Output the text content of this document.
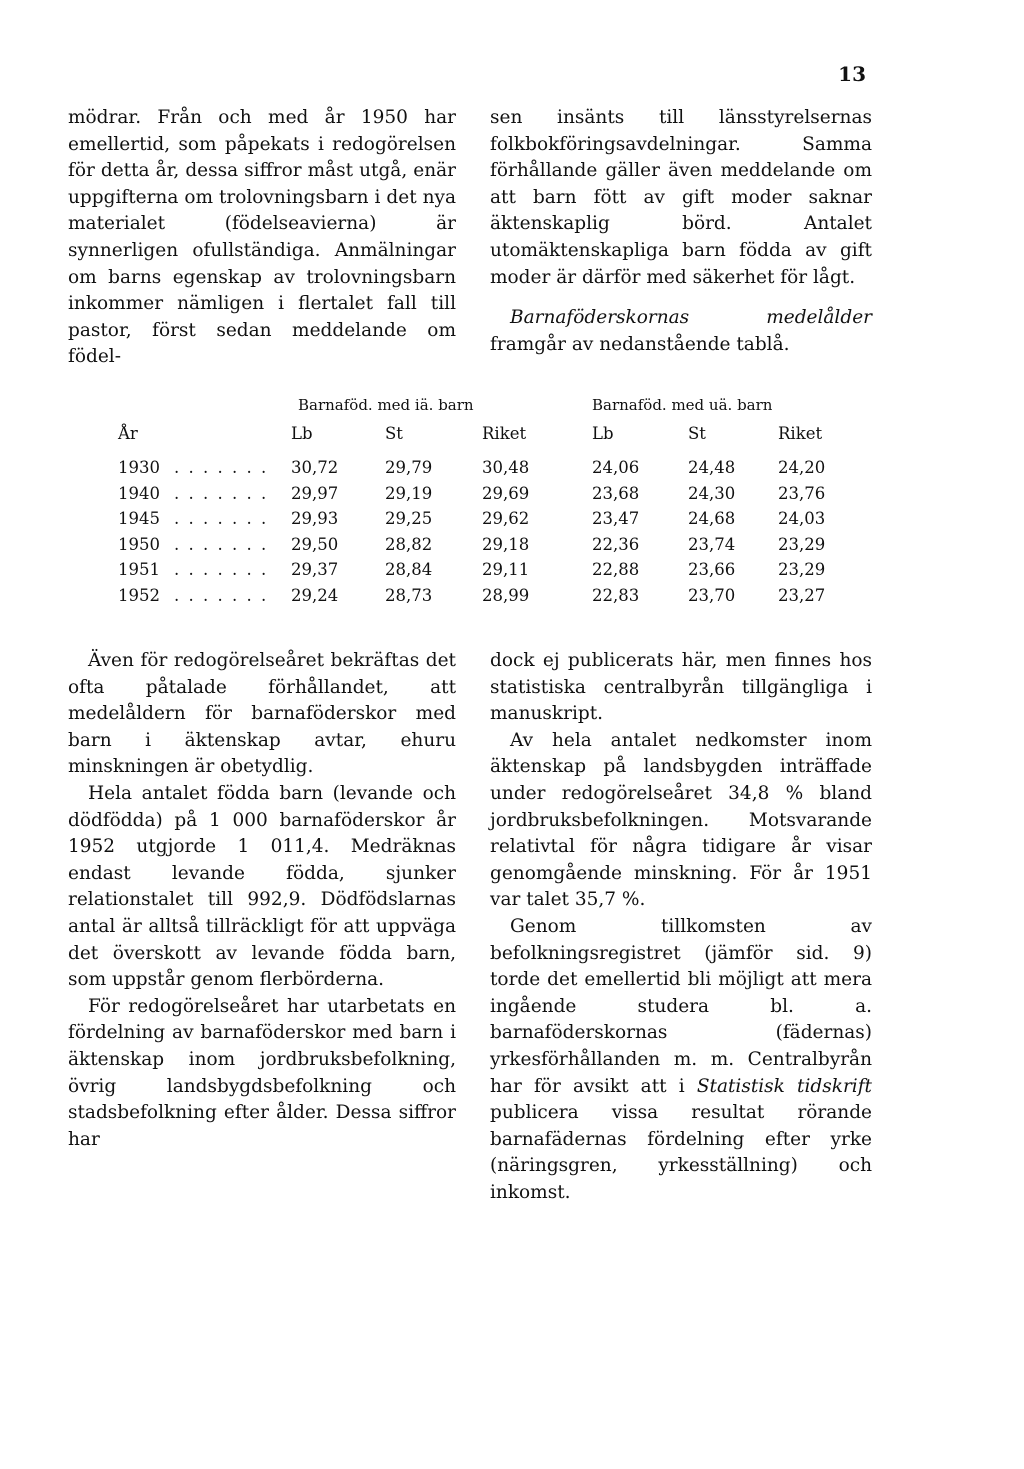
13

mödrar. Från och med år 1950 har emellertid, som påpekats i redogörelsen för detta år, dessa siffror måst utgå, enär uppgifterna om trolovningsbarn i det nya materialet (födelseavierna) är synnerligen ofullständiga. Anmälningar om barns egenskap av trolovningsbarn inkommer nämligen i flertalet fall till pastor, först sedan meddelande om födel-

sen insänts till länsstyrelsernas folkbokföringsavdelningar. Samma förhållande gäller även meddelande om att barn fött av gift moder saknar äktenskaplig börd. Antalet utomäktenskapliga barn födda av gift moder är därför med säkerhet för lågt.

Barnaföderskornas medelålder framgår av nedanstående tablå.

Barnaföd. med iä. barn	Barnaföd. med uä. barn
År	Lb	St	Riket	Lb	St	Riket
1930 . . . . . . . 30,72	29,79	30,48	24,06	24,48	24,20
1940 . . . . . . . 29,97	29,19	29,69	23,68	24,30	23,76
1945 . . . . . . . 29,93	29,25	29,62	23,47	24,68	24,03
1950 . . . . . . . 29,50	28,82	29,18	22,36	23,74	23,29
1951 . . . . . . . 29,37	28,84	29,11	22,88	23,66	23,29
1952 . . . . . . . 29,24	28,73	28,99	22,83	23,70	23,27

Även för redogörelseåret bekräftas det ofta påtalade förhållandet, att medelåldern för barnaföderskor med barn i äktenskap avtar, ehuru minskningen är obetydlig.

Hela antalet födda barn (levande och dödfödda) på 1 000 barnaföderskor år 1952 utgjorde 1 011,4. Medräknas endast levande födda, sjunker relationstalet till 992,9. Dödfödslarnas antal är alltså tillräckligt för att uppväga det överskott av levande födda barn, som uppstår genom flerbörderna.

För redogörelseåret har utarbetats en fördelning av barnaföderskor med barn i äktenskap inom jordbruksbefolkning, övrig landsbygdsbefolkning och stadsbefolkning efter ålder. Dessa siffror har

dock ej publicerats här, men finnes hos statistiska centralbyrån tillgängliga i manuskript.

Av hela antalet nedkomster inom äktenskap på landsbygden inträffade under redogörelseåret 34,8 % bland jordbruksbefolkningen. Motsvarande relativtal för några tidigare år visar genomgående minskning. För år 1951 var talet 35,7 %.

Genom tillkomsten av befolkningsregistret (jämför sid. 9) torde det emellertid bli möjligt att mera ingående studera bl. a. barnaföderskornas (fädernas) yrkesförhållanden m. m. Centralbyrån har för avsikt att i Statistisk tidskrift publicera vissa resultat rörande barnafädernas fördelning efter yrke (näringsgren, yrkesställning) och inkomst.
